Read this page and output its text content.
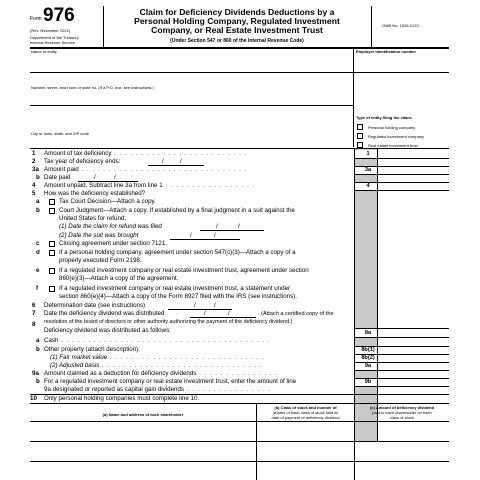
Form 976
(Rev. November 2022)
Department of the Treasury
Internal Revenue Service
Claim for Deficiency Dividends Deductions by a
Personal Holding Company, Regulated Investment
Company, or Real Estate Investment Trust
(Under Section 547 or 860 of the Internal Revenue Code)
OMB No. 1545-0123
Name of entity	Employer identification number
Number, street, and room or suite no. (If a P.O. box, see instructions.)
Type of entity filing the claim:
Personal holding company
Regulated investment company
Real estate investment trust
City or town, state, and ZIP code
1
3a
4
8a
8b(1)
8b(2)
9a
9b
1 Amount of tax deficiency . . . . . . . . . . . . . . . . . . . . . . . . .
2 Tax year of deficiency ends:	/	/
3a Amount paid . . . . . . . . . . . . . . . . . . . . . . . . . . . . . . .
b Date paid	/	/
4 Amount unpaid. Subtract line 3a from line 1 . . . . . . . . . . . . . . . . .
5 How was the deficiency established?
a	Tax Court Decision—Attach a copy.
b	Court Judgment—Attach a copy. If established by a final judgment in a suit against the
United States for refund:
(1) Date the claim for refund was filed	/	/
(2) Date the suit was brought	/	/
c	Closing agreement under section 7121.
d	If a personal holding company, agreement under section 547(c)(3)—Attach a copy of a
properly executed Form 2198.
e	If a regulated investment company or real estate investment trust, agreement under section
860(e)(3)—Attach a copy of the agreement.
f	If a regulated investment company or real estate investment trust, a statement under
section 860(e)(4)—Attach a copy of the Form 8927 filed with the IRS (see instructions).
6 Determination date (see instructions)	/	/
7 Date the deficiency dividend was distributed	/	/	. (Attach a certified copy of the
resolution of the board of directors or other authority authorizing the payment of the deficiency dividend.)
8
Deficiency dividend was distributed as follows:
a Cash . . . . . . . . . . . . . . . . . . . . . . . . . . . . . . . . . . . . . . .
b Other property (attach description):
(1) Fair market value . . . . . . . . . . . . . . . . . . . . . . . . . . . . .
(2) Adjusted basis . . . . . . . . . . . . . . . . . . . . . . . . . . . . . .
9a Amount claimed as a deduction for deficiency dividends . . . . . . . . . . . . . . .
b For a regulated investment company or real estate investment trust, enter the amount of line
9a designated or reported as capital gain dividends . . . . . . . . . . . . . . . .
10 Only personal holding companies must complete line 10.
(a) Name and address of each shareholder
(b) Class of stock and number of
shares of each class of stock held at
date of payment of deficiency dividend
(c) Amount of deficiency dividend
paid to each shareholder on each
class of stock
